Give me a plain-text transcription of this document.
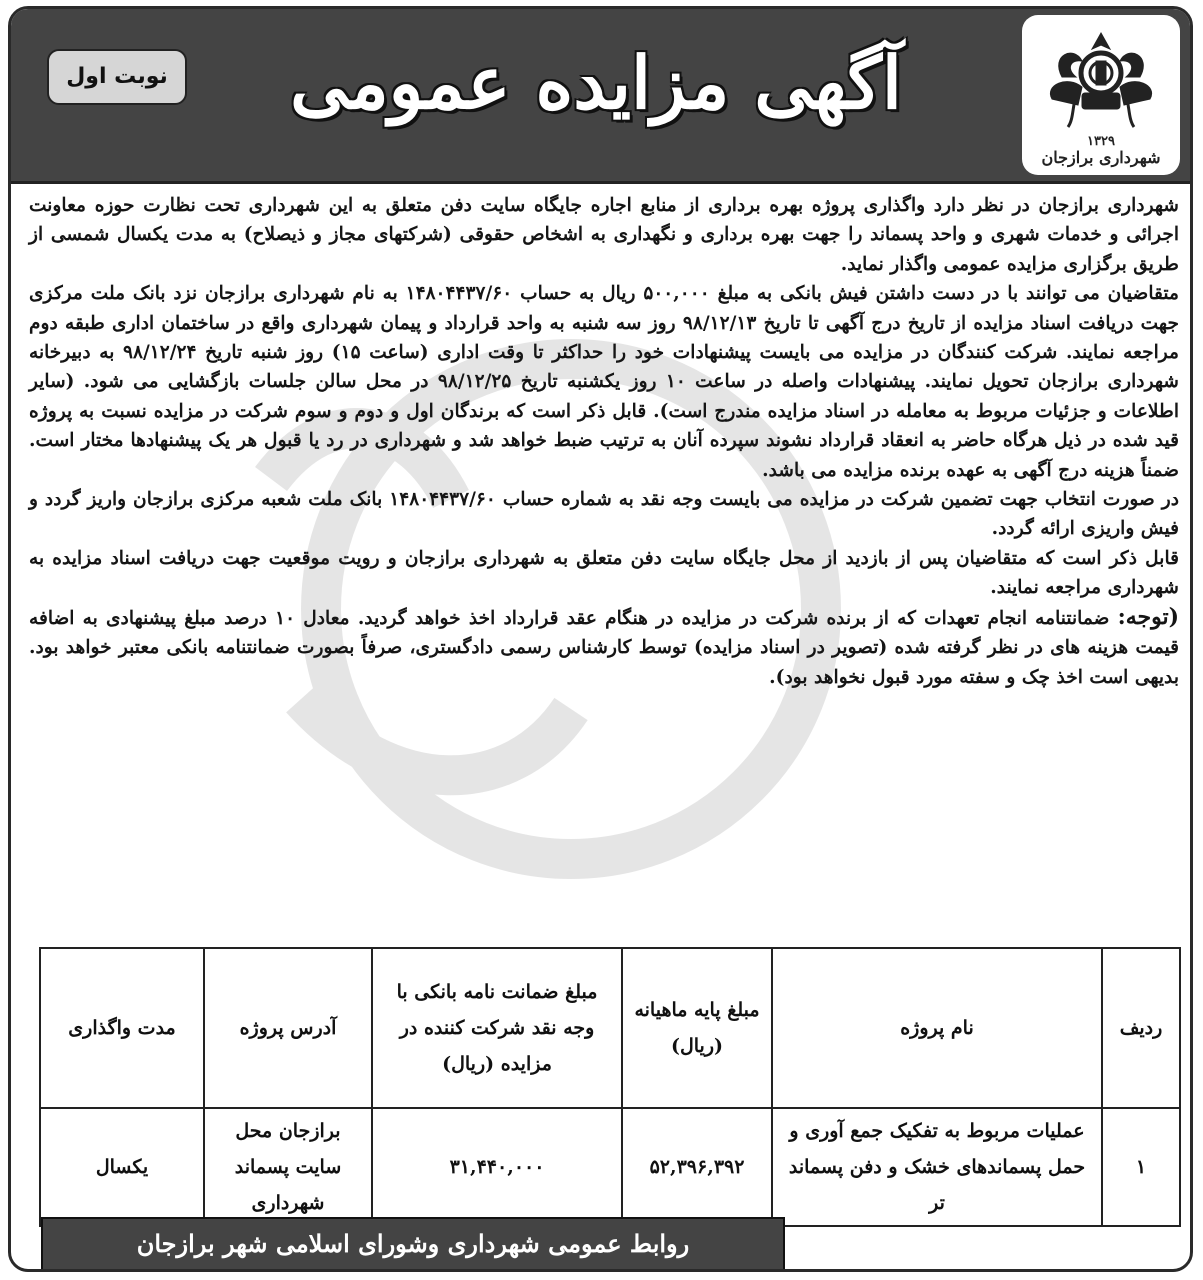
۱۳۲۹
شهرداری برازجان
آگهی مزایده عمومی
نوبت اول

شهرداری برازجان در نظر دارد واگذاری پروژه بهره برداری از منابع اجاره جایگاه سایت دفن متعلق به این شهرداری تحت نظارت حوزه معاونت اجرائی و خدمات شهری و واحد پسماند را جهت بهره برداری و نگهداری به اشخاص حقوقی (شرکتهای مجاز و ذیصلاح) به مدت یکسال شمسی از طریق برگزاری مزایده عمومی واگذار نماید.

متقاضیان می توانند با در دست داشتن فیش بانکی به مبلغ ۵۰۰,۰۰۰ ریال به حساب ۱۴۸۰۴۴۳۷/۶۰ به نام شهرداری برازجان نزد بانک ملت مرکزی جهت دریافت اسناد مزایده از تاریخ درج آگهی تا تاریخ ۹۸/۱۲/۱۳ روز سه شنبه به واحد قرارداد و پیمان شهرداری واقع در ساختمان اداری طبقه دوم مراجعه نمایند. شرکت کنندگان در مزایده می بایست پیشنهادات خود را حداکثر تا وقت اداری (ساعت ۱۵) روز شنبه تاریخ ۹۸/۱۲/۲۴ به دبیرخانه شهرداری برازجان تحویل نمایند. پیشنهادات واصله در ساعت ۱۰ روز یکشنبه تاریخ ۹۸/۱۲/۲۵ در محل سالن جلسات بازگشایی می شود. (سایر اطلاعات و جزئیات مربوط به معامله در اسناد مزایده مندرج است). قابل ذکر است که برندگان اول و دوم و سوم شرکت در مزایده نسبت به پروژه قید شده در ذیل هرگاه حاضر به انعقاد قرارداد نشوند سپرده آنان به ترتیب ضبط خواهد شد و شهرداری در رد یا قبول هر یک پیشنهادها مختار است. ضمناً هزینه درج آگهی به عهده برنده مزایده می باشد.

در صورت انتخاب جهت تضمین شرکت در مزایده می بایست وجه نقد به شماره حساب ۱۴۸۰۴۴۳۷/۶۰ بانک ملت شعبه مرکزی برازجان واریز گردد و فیش واریزی ارائه گردد.

قابل ذکر است که متقاضیان پس از بازدید از محل جایگاه سایت دفن متعلق به شهرداری برازجان و رویت موقعیت جهت دریافت اسناد مزایده به شهرداری مراجعه نمایند.

(توجه: ضمانتنامه انجام تعهدات که از برنده شرکت در مزایده در هنگام عقد قرارداد اخذ خواهد گردید. معادل ۱۰ درصد مبلغ پیشنهادی به اضافه قیمت هزینه های در نظر گرفته شده (تصویر در اسناد مزایده) توسط کارشناس رسمی دادگستری، صرفاً بصورت ضمانتنامه بانکی معتبر خواهد بود. بدیهی است اخذ چک و سفته مورد قبول نخواهد بود).

ردیف	نام پروژه	مبلغ پایه ماهیانه (ریال)	مبلغ ضمانت نامه بانکی با وجه نقد شرکت کننده در مزایده (ریال)	آدرس پروژه	مدت واگذاری
۱	عملیات مربوط به تفکیک جمع آوری و حمل پسماندهای خشک و دفن پسماند تر	۵۲,۳۹۶,۳۹۲	۳۱,۴۴۰,۰۰۰	برازجان محل سایت پسماند شهرداری	یکسال
روابط عمومی شهرداری وشورای اسلامی شهر برازجان
